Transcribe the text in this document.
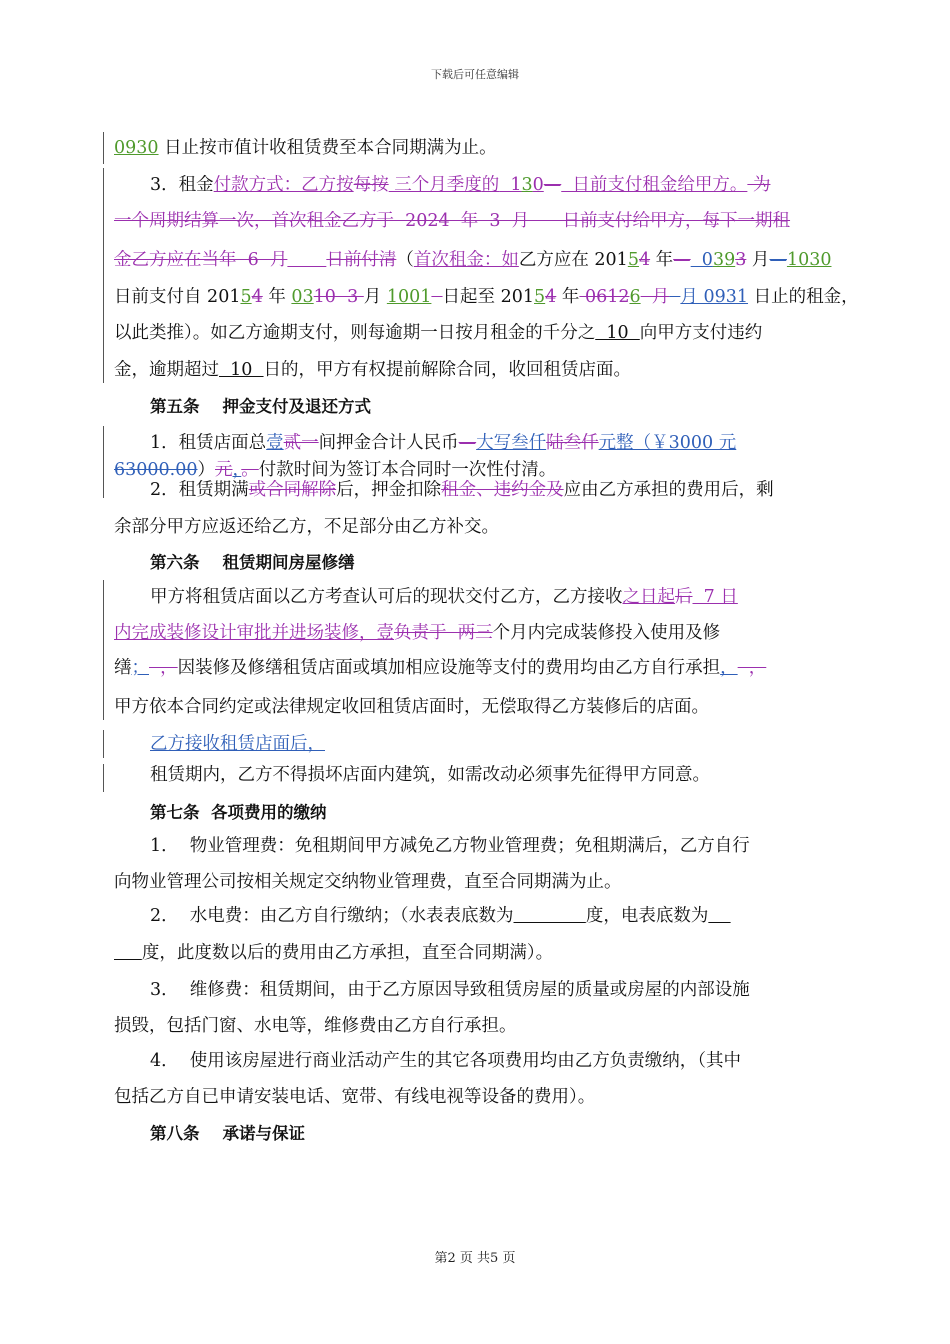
下载后可任意编辑
0930 日止按市值计收租赁费至本合同期满为止。
3．租金付款方式：乙方按每按 三个月季度的  130—  日前支付租金给甲方。 为
一个周期结算一次，首次租金乙方于  2024  年  3  月      日前支付给甲方，每下一期租
金乙方应在当年  6  月 日前付清（首次租金：如乙方应在 20154 年—  0393 月—1030
日前支付自 20154 年 0310  3 月 1001 日起至 20154 年 06126  月 月 0931 日止的租金，
以此类推）。如乙方逾期支付，则每逾期一日按月租金的千分之  10  向甲方支付违约
金，逾期超过  10  日的，甲方有权提前解除合同，收回租赁店面。
第五条    押金支付及退还方式
1．租赁店面总壹贰一间押金合计人民币—大写叁仟陆叁仟元整（￥3000 元
63000.00）元，。付款时间为签订本合同时一次性付清。
2．租赁期满或合同解除后，押金扣除租金、违约金及应由乙方承担的费用后，剩
余部分甲方应返还给乙方，不足部分由乙方补交。
第六条    租赁期间房屋修缮
甲方将租赁店面以乙方考查认可后的现状交付乙方，乙方接收之日起后  7 日
内完成装修设计审批并进场装修，壹负责于  两三个月内完成装修投入使用及修
缮；  ，因装修及修缮租赁店面或填加相应设施等支付的费用均由乙方自行承担，  ，
甲方依本合同约定或法律规定收回租赁店面时，无偿取得乙方装修后的店面。
乙方接收租赁店面后，
租赁期内，乙方不得损坏店面内建筑，如需改动必须事先征得甲方同意。
第七条  各项费用的缴纳
1．  物业管理费：免租期间甲方减免乙方物业管理费；免租期满后，乙方自行
向物业管理公司按相关规定交纳物业管理费，直至合同期满为止。
2．  水电费：由乙方自行缴纳；（水表表底数为	度，电表底数为
度，此度数以后的费用由乙方承担，直至合同期满）。
3．  维修费：租赁期间，由于乙方原因导致租赁房屋的质量或房屋的内部设施
损毁，包括门窗、水电等，维修费由乙方自行承担。
4．  使用该房屋进行商业活动产生的其它各项费用均由乙方负责缴纳，（其中
包括乙方自已申请安装电话、宽带、有线电视等设备的费用）。
第八条    承诺与保证
第2 页 共5 页
